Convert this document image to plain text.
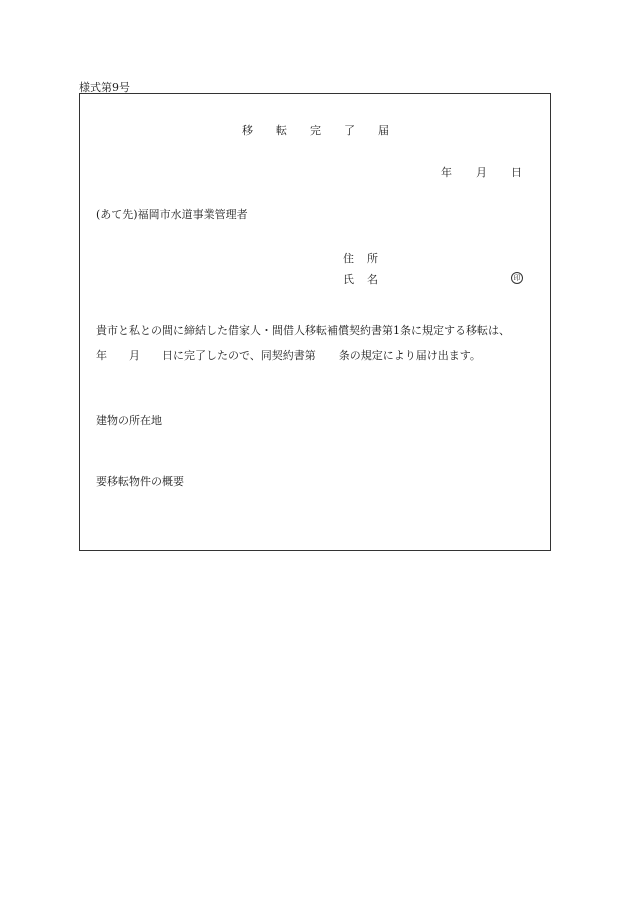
様式第9号
移 転 完 了 届
年 月 日
(あて先)福岡市水道事業管理者
住 所
氏 名	印
貴市と私との間に締結した借家人・間借人移転補償契約書第1条に規定する移転は、
年 月 日に完了したので、同契約書第 条の規定により届け出ます。
建物の所在地
要移転物件の概要
